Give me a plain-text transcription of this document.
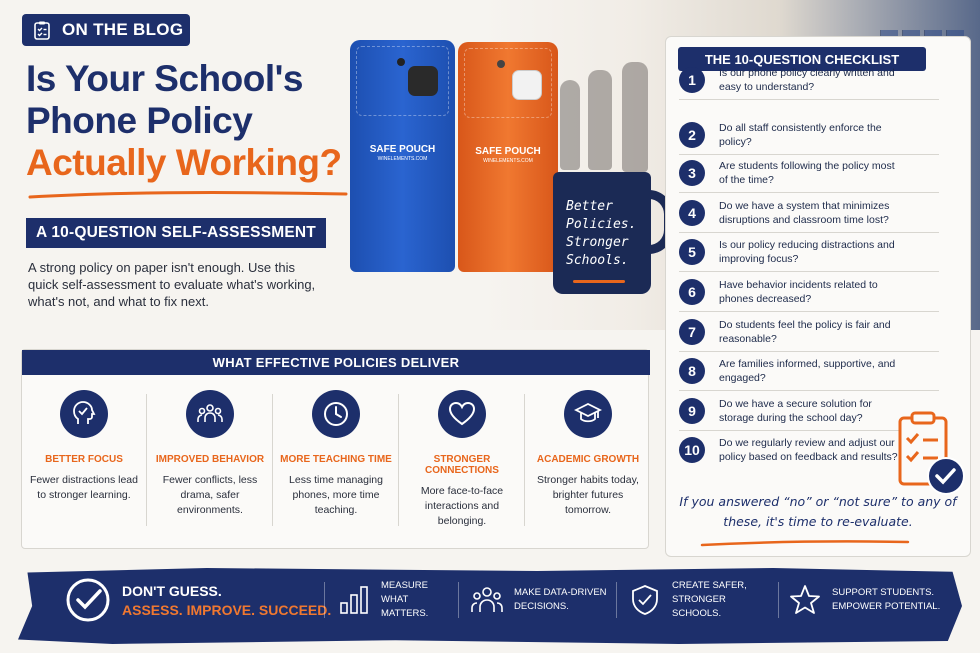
ON THE BLOG
Is Your School's
Phone Policy
Actually Working?
A 10-QUESTION SELF-ASSESSMENT

A strong policy on paper isn't enough. Use this quick self-assessment to evaluate what's working, what's not, and what to fix next.

SAFE POUCH
WINELEMENTS.COM
SAFE POUCH
WINELEMENTS.COM
Better Policies. Stronger Schools.
THE 10-QUESTION CHECKLIST
1	Is our phone policy clearly written and easy to understand?
2	Do all staff consistently enforce the policy?
3	Are students following the policy most of the time?
4	Do we have a system that minimizes disruptions and classroom time lost?
5	Is our policy reducing distractions and improving focus?
6	Have behavior incidents related to phones decreased?
7	Do students feel the policy is fair and reasonable?
8	Are families informed, supportive, and engaged?
9	Do we have a secure solution for storage during the school day?
10	Do we regularly review and adjust our policy based on feedback and results?

If you answered “no” or “not sure” to any of these, it's time to re-evaluate.

WHAT EFFECTIVE POLICIES DELIVER
BETTER FOCUS
Fewer distractions lead to stronger learning.
IMPROVED BEHAVIOR
Fewer conflicts, less drama, safer environments.
MORE TEACHING TIME
Less time managing phones, more time teaching.
STRONGER CONNECTIONS
More face-to-face interactions and belonging.
ACADEMIC GROWTH
Stronger habits today, brighter futures tomorrow.
DON'T GUESS.
ASSESS. IMPROVE. SUCCEED.
MEASURE WHAT MATTERS.
MAKE DATA-DRIVEN DECISIONS.
CREATE SAFER, STRONGER SCHOOLS.
SUPPORT STUDENTS. EMPOWER POTENTIAL.
